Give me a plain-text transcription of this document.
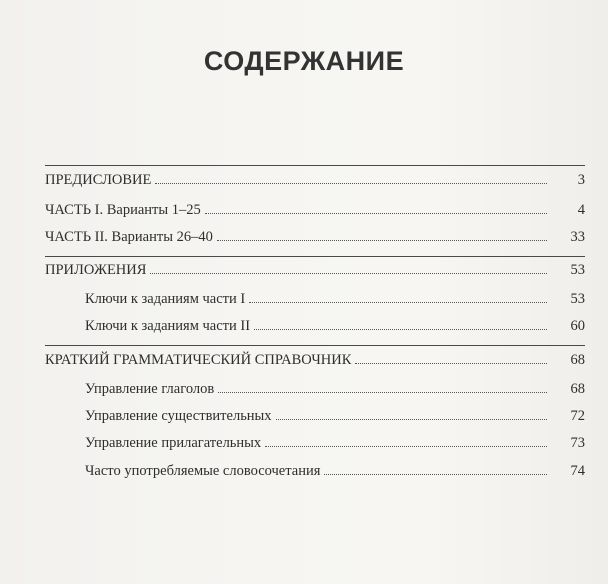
СОДЕРЖАНИЕ
ПРЕДИСЛОВИЕ	3
ЧАСТЬ I. Варианты 1–25	4
ЧАСТЬ II. Варианты 26–40	33
ПРИЛОЖЕНИЯ	53
Ключи к заданиям части I	53
Ключи к заданиям части II	60
КРАТКИЙ ГРАММАТИЧЕСКИЙ СПРАВОЧНИК	68
Управление глаголов	68
Управление существительных	72
Управление прилагательных	73
Часто употребляемые словосочетания	74
